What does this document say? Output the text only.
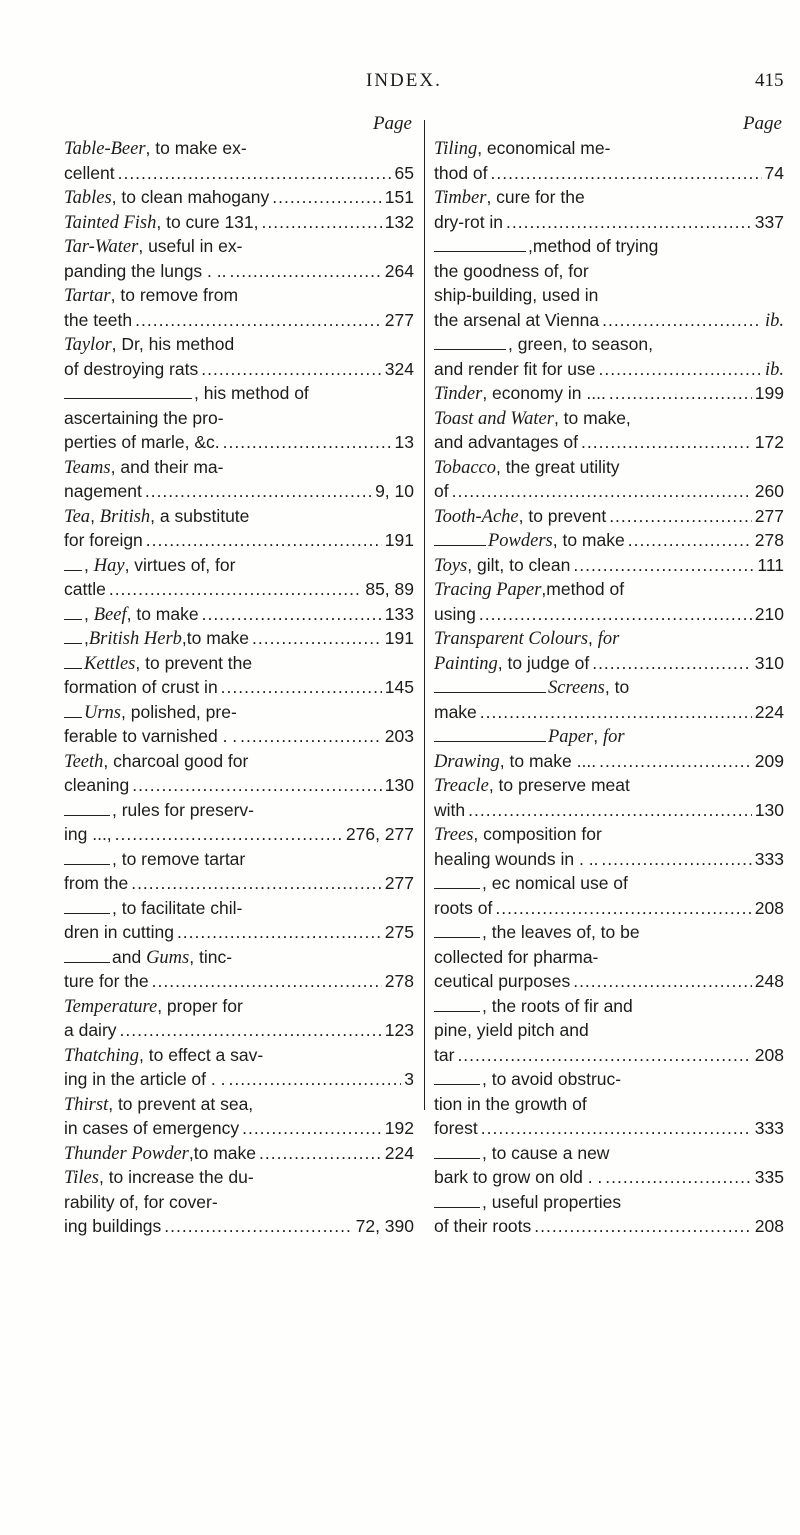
INDEX.	415
Page
Table-Beer, to make ex-
cellent .....	65
Tables, to clean mahogany .....	151
Tainted Fish, to cure 131, .....	132
Tar-Water, useful in ex-
panding the lungs . .. .....	264
Tartar, to remove from
the teeth .....	277
Taylor, Dr, his method
of destroying rats .....	324
, his method of
ascertaining the pro-
perties of marle, &c. .....	13
Teams, and their ma-
nagement .....	9, 10
Tea, British, a substitute
for foreign .....	191
, Hay, virtues of, for
cattle .....	85, 89
, Beef, to make .....	133
,British Herb,to make .....	191
Kettles, to prevent the
formation of crust in .....	145
Urns, polished, pre-
ferable to varnished . . .....	203
Teeth, charcoal good for
cleaning .....	130
, rules for preserv-
ing ..., .....	276, 277
, to remove tartar
from the .....	277
, to facilitate chil-
dren in cutting .....	275
and Gums, tinc-
ture for the .....	278
Temperature, proper for
a dairy .....	123
Thatching, to effect a sav-
ing in the article of . . .....	3
Thirst, to prevent at sea,
in cases of emergency .....	192
Thunder Powder,to make .....	224
Tiles, to increase the du-
rability of, for cover-
ing buildings .....	72, 390
Page
Tiling, economical me-
thod of .....	74
Timber, cure for the
dry-rot in .....	337
,method of trying
the goodness of, for
ship-building, used in
the arsenal at Vienna .....	ib.
, green, to season,
and render fit for use .....	ib.
Tinder, economy in .... .....	199
Toast and Water, to make,
and advantages of .....	172
Tobacco, the great utility
of .....	260
Tooth-Ache, to prevent .....	277
Powders, to make .....	278
Toys, gilt, to clean .....	111
Tracing Paper,method of
using .....	210
Transparent Colours, for
Painting, to judge of .....	310
Screens, to
make .....	224
Paper, for
Drawing, to make .... .....	209
Treacle, to preserve meat
with .....	130
Trees, composition for
healing wounds in . .. .....	333
, ec nomical use of
roots of .....	208
, the leaves of, to be
collected for pharma-
ceutical purposes .....	248
, the roots of fir and
pine, yield pitch and
tar .....	208
, to avoid obstruc-
tion in the growth of
forest .....	333
, to cause a new
bark to grow on old . . .....	335
, useful properties
of their roots .....	208
